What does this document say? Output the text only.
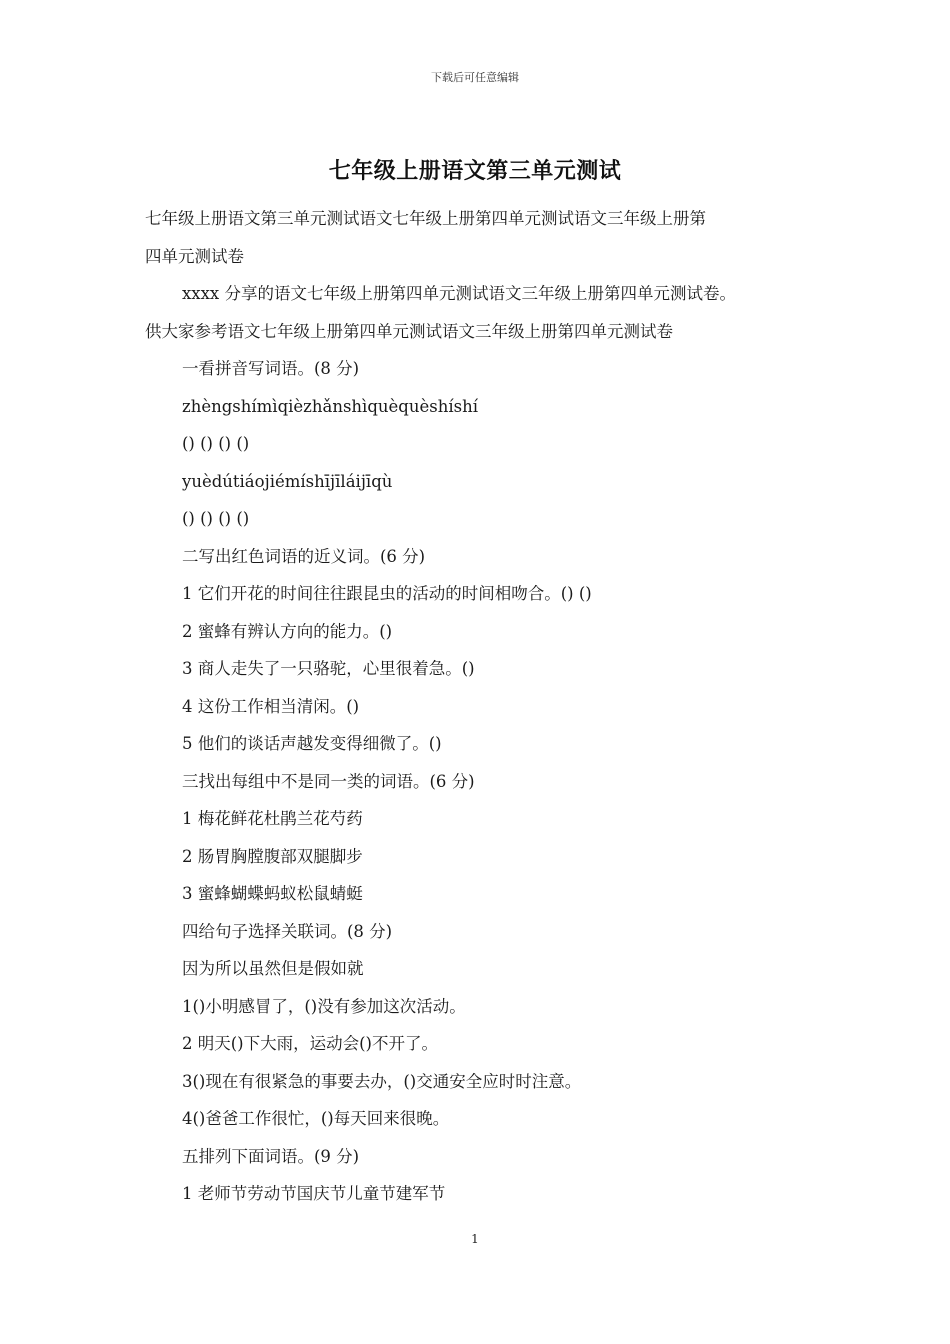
下载后可任意编辑
七年级上册语文第三单元测试
七年级上册语文第三单元测试语文七年级上册第四单元测试语文三年级上册第
四单元测试卷
xxxx 分享的语文七年级上册第四单元测试语文三年级上册第四单元测试卷。
供大家参考语文七年级上册第四单元测试语文三年级上册第四单元测试卷
一看拼音写词语。(8 分)
zhèngshímìqièzhǎnshìquèquèshíshí
() () () ()
yuèdútiáojiémíshījīláijīqù
() () () ()
二写出红色词语的近义词。(6 分)
1 它们开花的时间往往跟昆虫的活动的时间相吻合。() ()
2 蜜蜂有辨认方向的能力。()
3 商人走失了一只骆驼，心里很着急。()
4 这份工作相当清闲。()
5 他们的谈话声越发变得细微了。()
三找出每组中不是同一类的词语。(6 分)
1 梅花鲜花杜鹃兰花芍药
2 肠胃胸膛腹部双腿脚步
3 蜜蜂蝴蝶蚂蚁松鼠蜻蜓
四给句子选择关联词。(8 分)
因为所以虽然但是假如就
1()小明感冒了，()没有参加这次活动。
2 明天()下大雨，运动会()不开了。
3()现在有很紧急的事要去办，()交通安全应时时注意。
4()爸爸工作很忙，()每天回来很晚。
五排列下面词语。(9 分)
1 老师节劳动节国庆节儿童节建军节
1
